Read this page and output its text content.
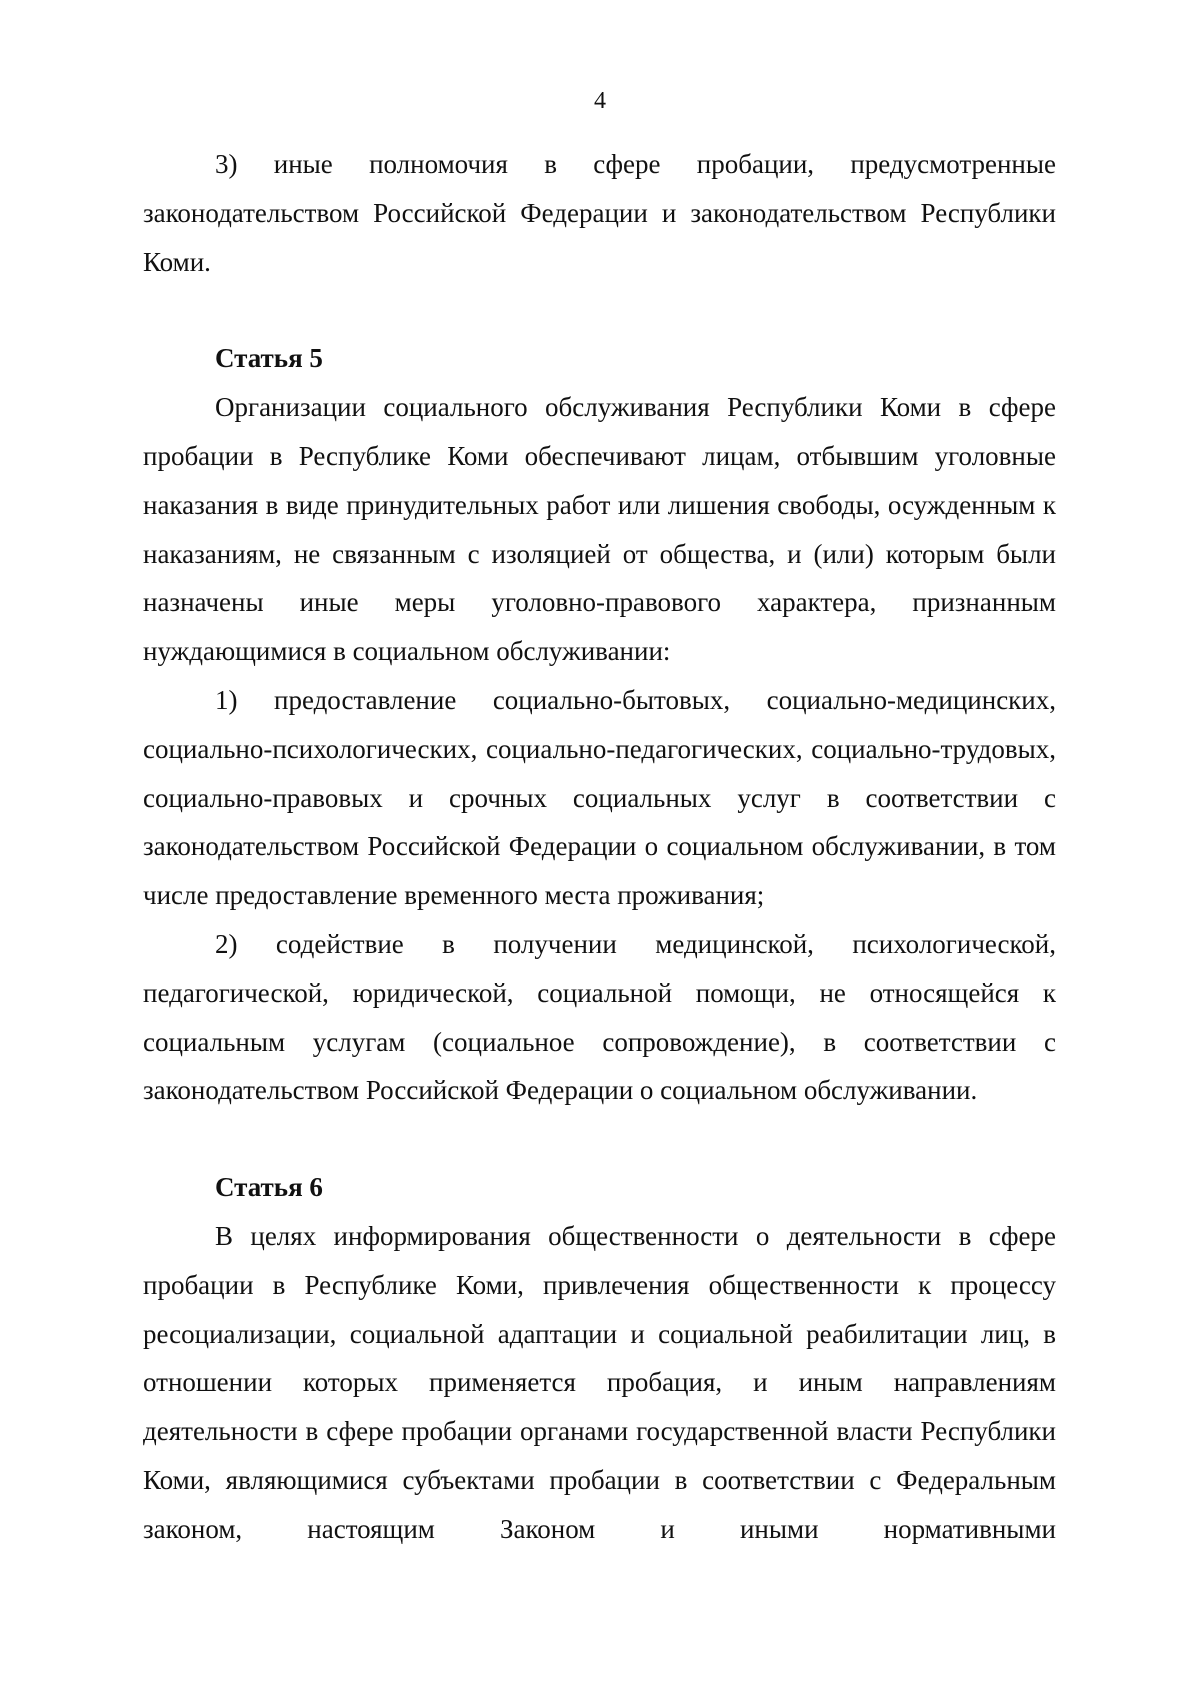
4

3) иные полномочия в сфере пробации, предусмотренные законодательством Российской Федерации и законодательством Республики Коми.

Статья 5

Организации социального обслуживания Республики Коми в сфере пробации в Республике Коми обеспечивают лицам, отбывшим уголовные наказания в виде принудительных работ или лишения свободы, осужденным к наказаниям, не связанным с изоляцией от общества, и (или) которым были назначены иные меры уголовно-правового характера, признанным нуждающимися в социальном обслуживании:

1) предоставление социально-бытовых, социально-медицинских, социально-психологических, социально-педагогических, социально-трудовых, социально-правовых и срочных социальных услуг в соответствии с законодательством Российской Федерации о социальном обслуживании, в том числе предоставление временного места проживания;

2) содействие в получении медицинской, психологической, педагогической, юридической, социальной помощи, не относящейся к социальным услугам (социальное сопровождение), в соответствии с законодательством Российской Федерации о социальном обслуживании.

Статья 6

В целях информирования общественности о деятельности в сфере пробации в Республике Коми, привлечения общественности к процессу ресоциализации, социальной адаптации и социальной реабилитации лиц, в отношении которых применяется пробация, и иным направлениям деятельности в сфере пробации органами государственной власти Республики Коми, являющимися субъектами пробации в соответствии с Федеральным законом, настоящим Законом и иными нормативными
